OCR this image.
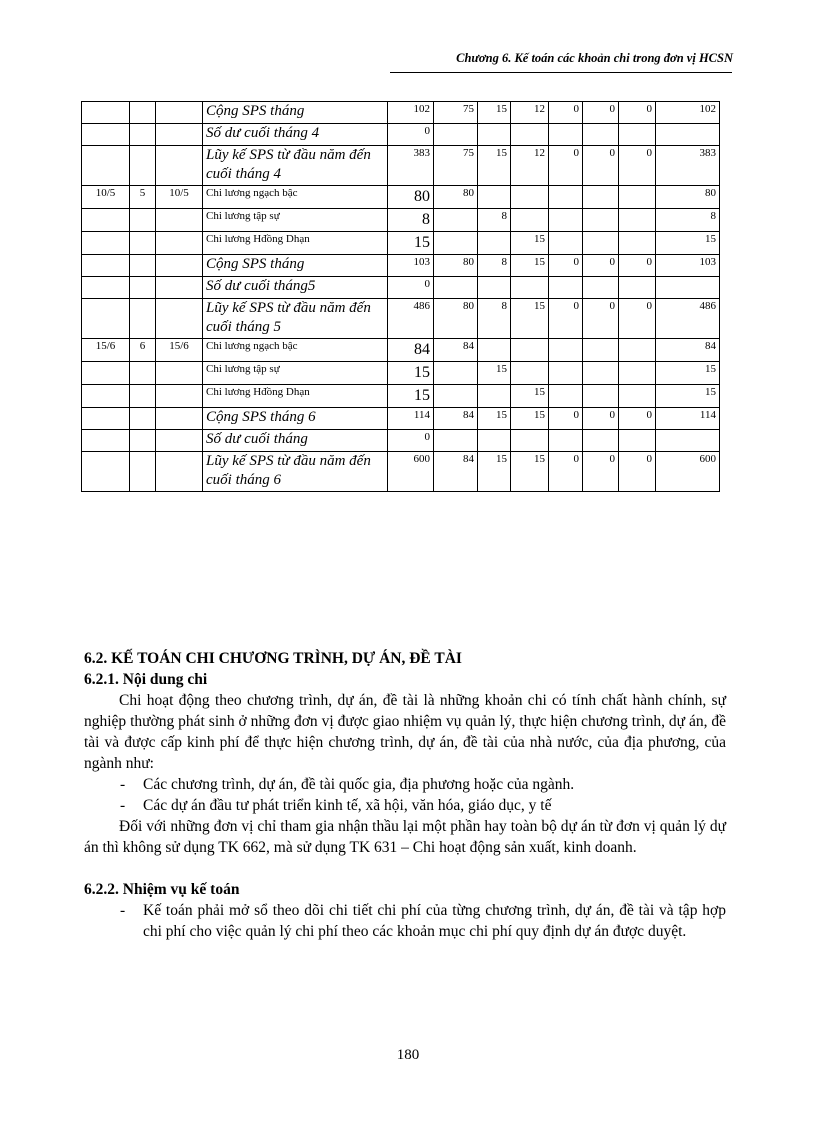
Chương 6. Kế toán các khoản chi trong đơn vị HCSN
			Cộng SPS tháng	102	75	15	12	0	0	0	102
			Số dư cuối tháng 4	0							
			Lũy kế SPS từ đầu năm đến cuối tháng 4	383	75	15	12	0	0	0	383
10/5	5	10/5	Chi lương ngạch bậc	80	80						80
			Chi lương tập sự	8		8					8
			Chi lương Hđồng Dhạn	15			15				15
			Cộng SPS tháng	103	80	8	15	0	0	0	103
			Số dư cuối tháng5	0							
			Lũy kế SPS từ đầu năm đến cuối tháng 5	486	80	8	15	0	0	0	486
15/6	6	15/6	Chi lương ngạch bậc	84	84						84
			Chi lương tập sự	15		15					15
			Chi lương Hđồng Dhạn	15			15				15
			Cộng SPS tháng 6	114	84	15	15	0	0	0	114
			Số dư cuối tháng	0							
			Lũy kế SPS từ đầu năm đến cuối tháng 6	600	84	15	15	0	0	0	600

6.2. KẾ TOÁN CHI CHƯƠNG TRÌNH, DỰ ÁN, ĐỀ TÀI

6.2.1. Nội dung chi

Chi hoạt động theo chương trình, dự án, đề tài là những khoản chi có tính chất hành chính, sự nghiệp thường phát sinh ở những đơn vị được giao nhiệm vụ quản lý, thực hiện chương trình, dự án, đề tài và được cấp kinh phí để thực hiện chương trình, dự án, đề tài của nhà nước, của địa phương, của ngành như:

-	Các chương trình, dự án, đề tài quốc gia, địa phương hoặc của ngành.
-	Các dự án đầu tư phát triển kinh tế, xã hội, văn hóa, giáo dục, y tế

Đối với những đơn vị chỉ tham gia nhận thầu lại một phần hay toàn bộ dự án từ đơn vị quản lý dự án thì không sử dụng TK 662, mà sử dụng TK 631 – Chi hoạt động sản xuất, kinh doanh.

6.2.2. Nhiệm vụ kế toán

-	Kế toán phải mở sổ theo dõi chi tiết chi phí của từng chương trình, dự án, đề tài và tập hợp chi phí cho việc quản lý chi phí theo các khoản mục chi phí quy định dự án được duyệt.
180
